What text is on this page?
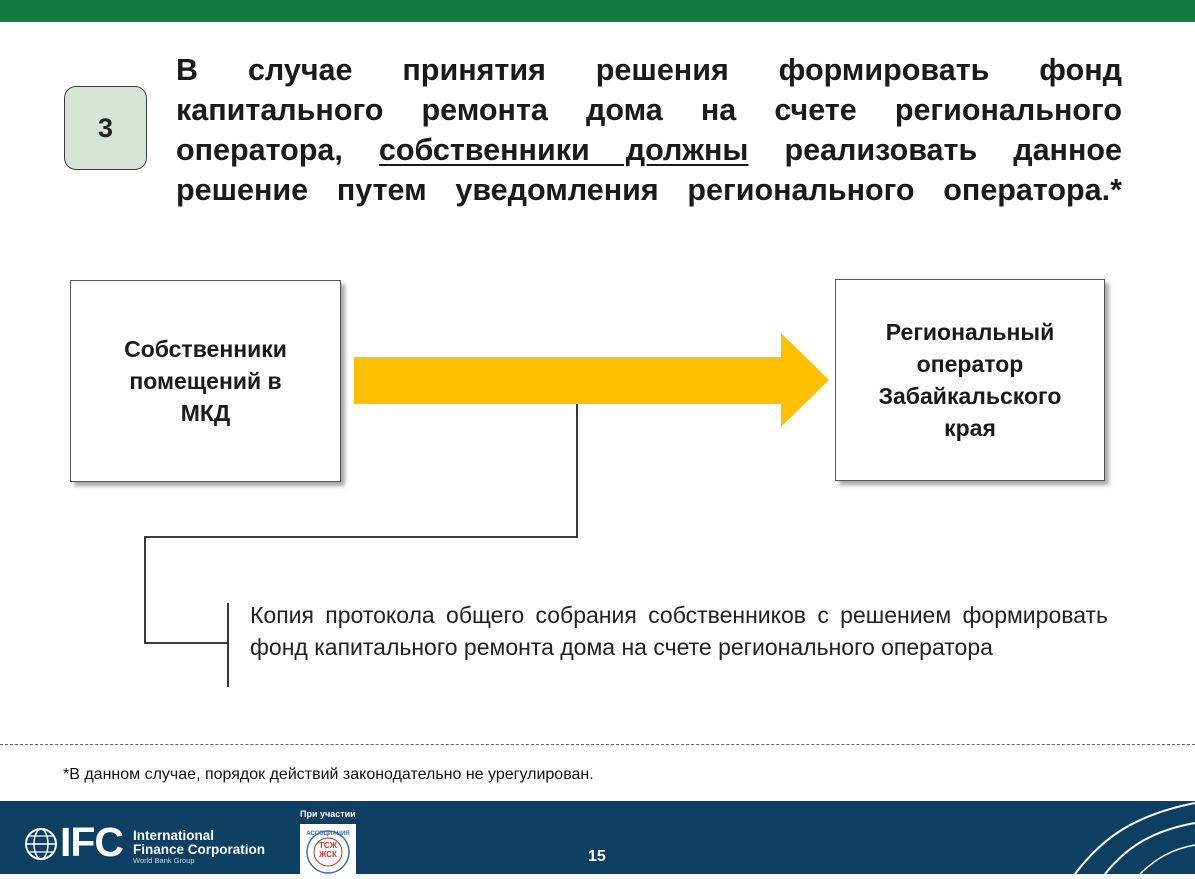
3
В случае принятия решения формировать фонд капитального ремонта дома на счете регионального оператора, собственники должны реализовать данное решение путем уведомления регионального оператора.*
Собственники помещений в МКД
Региональный оператор Забайкальского края
Копия протокола общего собрания собственников с решением формировать фонд капитального ремонта дома на счете регионального оператора
*В данном случае, порядок действий законодательно не урегулирован.
IFC International
Finance Corporation
World Bank Group
При участии
АССОЦИАЦИЯ
ТСЖ
ЖСК	15
